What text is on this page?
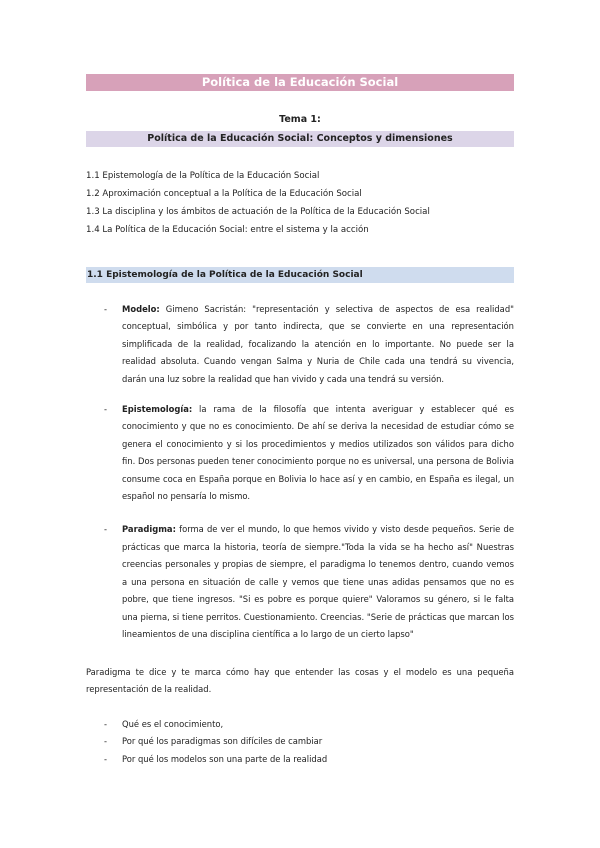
Política de la Educación Social
Tema 1:
Política de la Educación Social: Conceptos y dimensiones
1.1 Epistemología de la Política de la Educación Social
1.2 Aproximación conceptual a la Política de la Educación Social
1.3 La disciplina y los ámbitos de actuación de la Política de la Educación Social
1.4 La Política de la Educación Social: entre el sistema y la acción
1.1 Epistemología de la Política de la Educación Social
- Modelo: Gimeno Sacristán: "representación y selectiva de aspectos de esa realidad" conceptual, simbólica y por tanto indirecta, que se convierte en una representación simplificada de la realidad, focalizando la atención en lo importante. No puede ser la realidad absoluta. Cuando vengan Salma y Nuria de Chile cada una tendrá su vivencia, darán una luz sobre la realidad que han vivido y cada una tendrá su versión.
- Epistemología: la rama de la filosofía que intenta averiguar y establecer qué es conocimiento y que no es conocimiento. De ahí se deriva la necesidad de estudiar cómo se genera el conocimiento y si los procedimientos y medios utilizados son válidos para dicho fin. Dos personas pueden tener conocimiento porque no es universal, una persona de Bolivia consume coca en España porque en Bolivia lo hace así y en cambio, en España es ilegal, un español no pensaría lo mismo.
- Paradigma: forma de ver el mundo, lo que hemos vivido y visto desde pequeños. Serie de prácticas que marca la historia, teoría de siempre."Toda la vida se ha hecho así" Nuestras creencias personales y propias de siempre, el paradigma lo tenemos dentro, cuando vemos a una persona en situación de calle y vemos que tiene unas adidas pensamos que no es pobre, que tiene ingresos. "Si es pobre es porque quiere" Valoramos su género, si le falta una pierna, si tiene perritos. Cuestionamiento. Creencias. "Serie de prácticas que marcan los lineamientos de una disciplina científica a lo largo de un cierto lapso"

Paradigma te dice y te marca cómo hay que entender las cosas y el modelo es una pequeña representación de la realidad.

- Qué es el conocimiento,
- Por qué los paradigmas son difíciles de cambiar
- Por qué los modelos son una parte de la realidad
